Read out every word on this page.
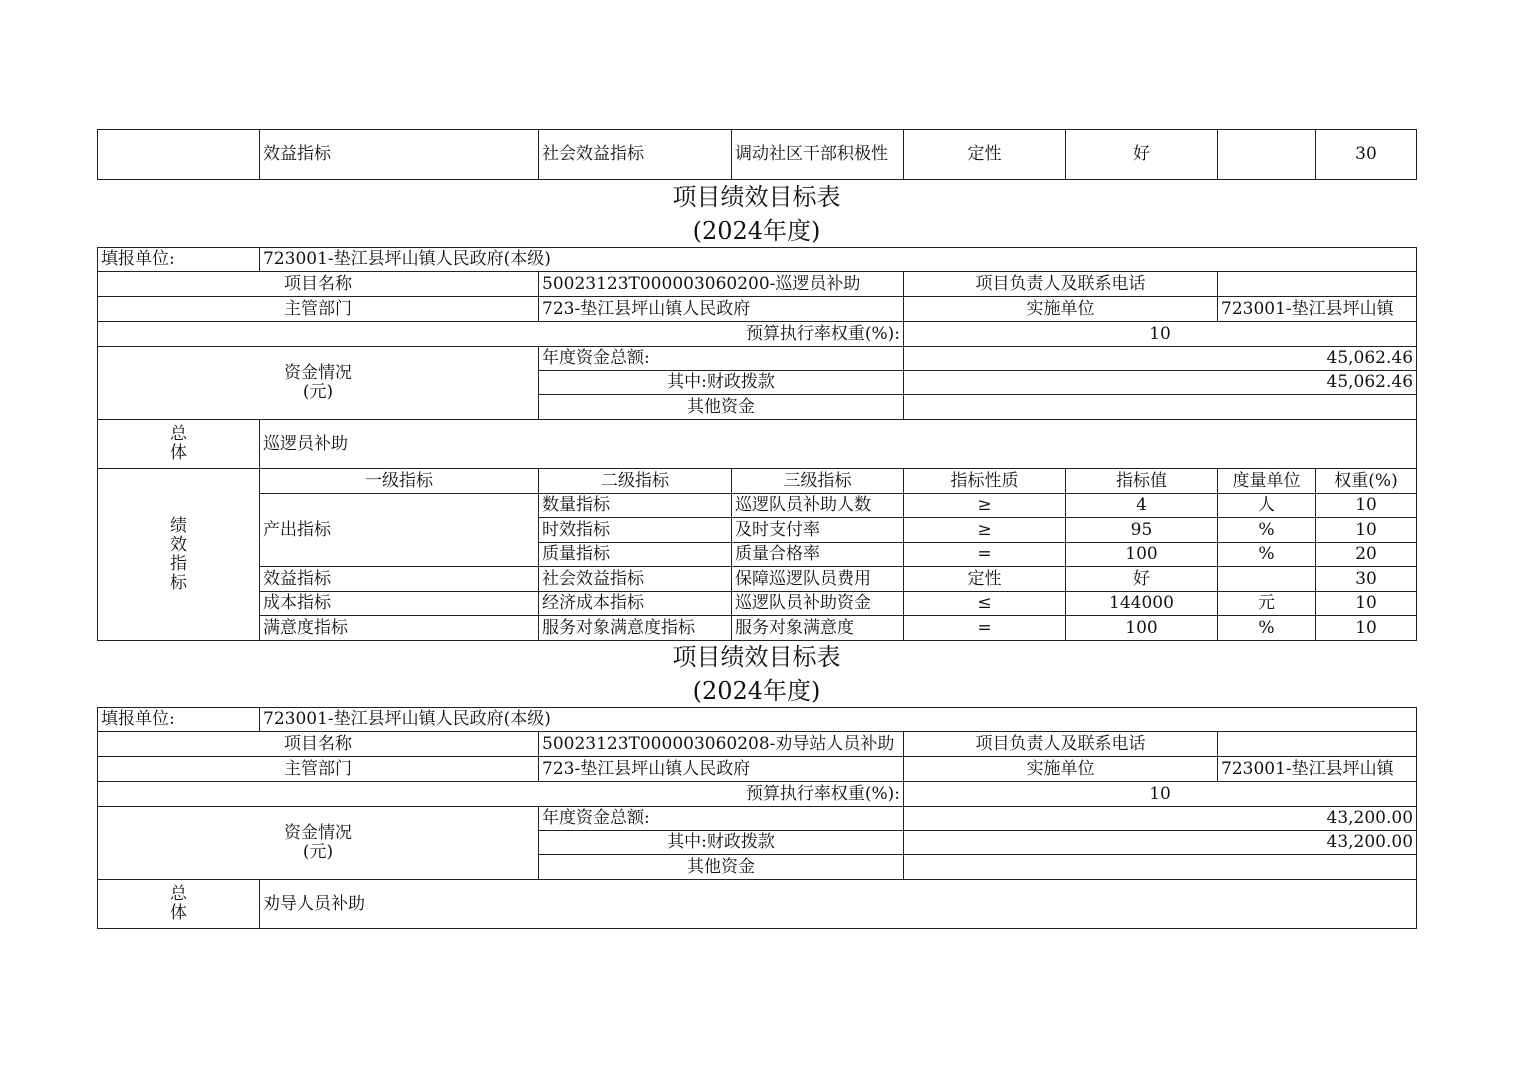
	效益指标	社会效益指标	调动社区干部积极性	定性	好		30
项目绩效目标表
(2024年度)
填报单位:	723001-垫江县坪山镇人民政府(本级)						
项目名称		50023123T000003060200-巡逻员补助		项目负责人及联系电话			
主管部门		723-垫江县坪山镇人民政府		实施单位		723001-垫江县坪山镇	
预算执行率权重(%):				10			

资金情况
(元)		年度资金总额:		45,062.46			
		其中:财政拨款		45,062.46			
		其他资金					

总
体	巡逻员补助						

绩
效
指
标	一级指标	二级指标	三级指标	指标性质	指标值	度量单位	权重(%)
	产出指标	数量指标	巡逻队员补助人数	≥	4	人	10
		时效指标	及时支付率	≥	95	%	10
		质量指标	质量合格率	=	100	%	20
	效益指标	社会效益指标	保障巡逻队员费用	定性	好		30
	成本指标	经济成本指标	巡逻队员补助资金	≤	144000	元	10
	满意度指标	服务对象满意度指标	服务对象满意度	=	100	%	10
项目绩效目标表
(2024年度)
填报单位:	723001-垫江县坪山镇人民政府(本级)			
项目名称		50023123T000003060208-劝导站人员补助	项目负责人及联系电话	
主管部门		723-垫江县坪山镇人民政府	实施单位	723001-垫江县坪山镇
预算执行率权重(%):			10	

资金情况
(元)		年度资金总额:	43,200.00	
		其中:财政拨款	43,200.00	
		其他资金		

总
体	劝导人员补助			
